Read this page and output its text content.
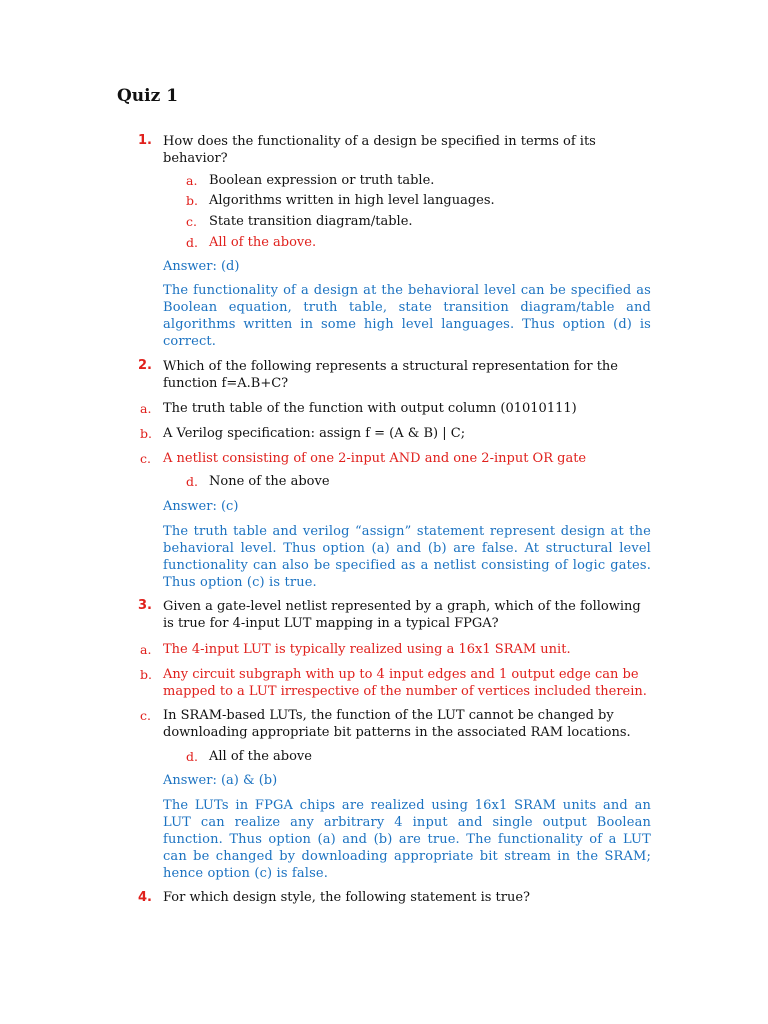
Quiz 1
1. How does the functionality of a design be specified in terms of its behavior?
a. Boolean expression or truth table.
b. Algorithms written in high level languages.
c. State transition diagram/table.
d. All of the above.
Answer: (d)
The functionality of a design at the behavioral level can be specified as Boolean equation, truth table, state transition diagram/table and algorithms written in some high level languages. Thus option (d) is correct.
2. Which of the following represents a structural representation for the function f=A.B+C?
a. The truth table of the function with output column (01010111)
b. A Verilog specification: assign f = (A & B) | C;
c. A netlist consisting of one 2-input AND and one 2-input OR gate
d. None of the above
Answer: (c)
The truth table and verilog “assign” statement represent design at the behavioral level. Thus option (a) and (b) are false. At structural level functionality can also be specified as a netlist consisting of logic gates. Thus option (c) is true.
3. Given a gate-level netlist represented by a graph, which of the following is true for 4-input LUT mapping in a typical FPGA?
a. The 4-input LUT is typically realized using a 16x1 SRAM unit.
b. Any circuit subgraph with up to 4 input edges and 1 output edge can be mapped to a LUT irrespective of the number of vertices included therein.
c. In SRAM-based LUTs, the function of the LUT cannot be changed by downloading appropriate bit patterns in the associated RAM locations.
d. All of the above
Answer: (a) & (b)
The LUTs in FPGA chips are realized using 16x1 SRAM units and an LUT can realize any arbitrary 4 input and single output Boolean function. Thus option (a) and (b) are true. The functionality of a LUT can be changed by downloading appropriate bit stream in the SRAM; hence option (c) is false.
4. For which design style, the following statement is true?
